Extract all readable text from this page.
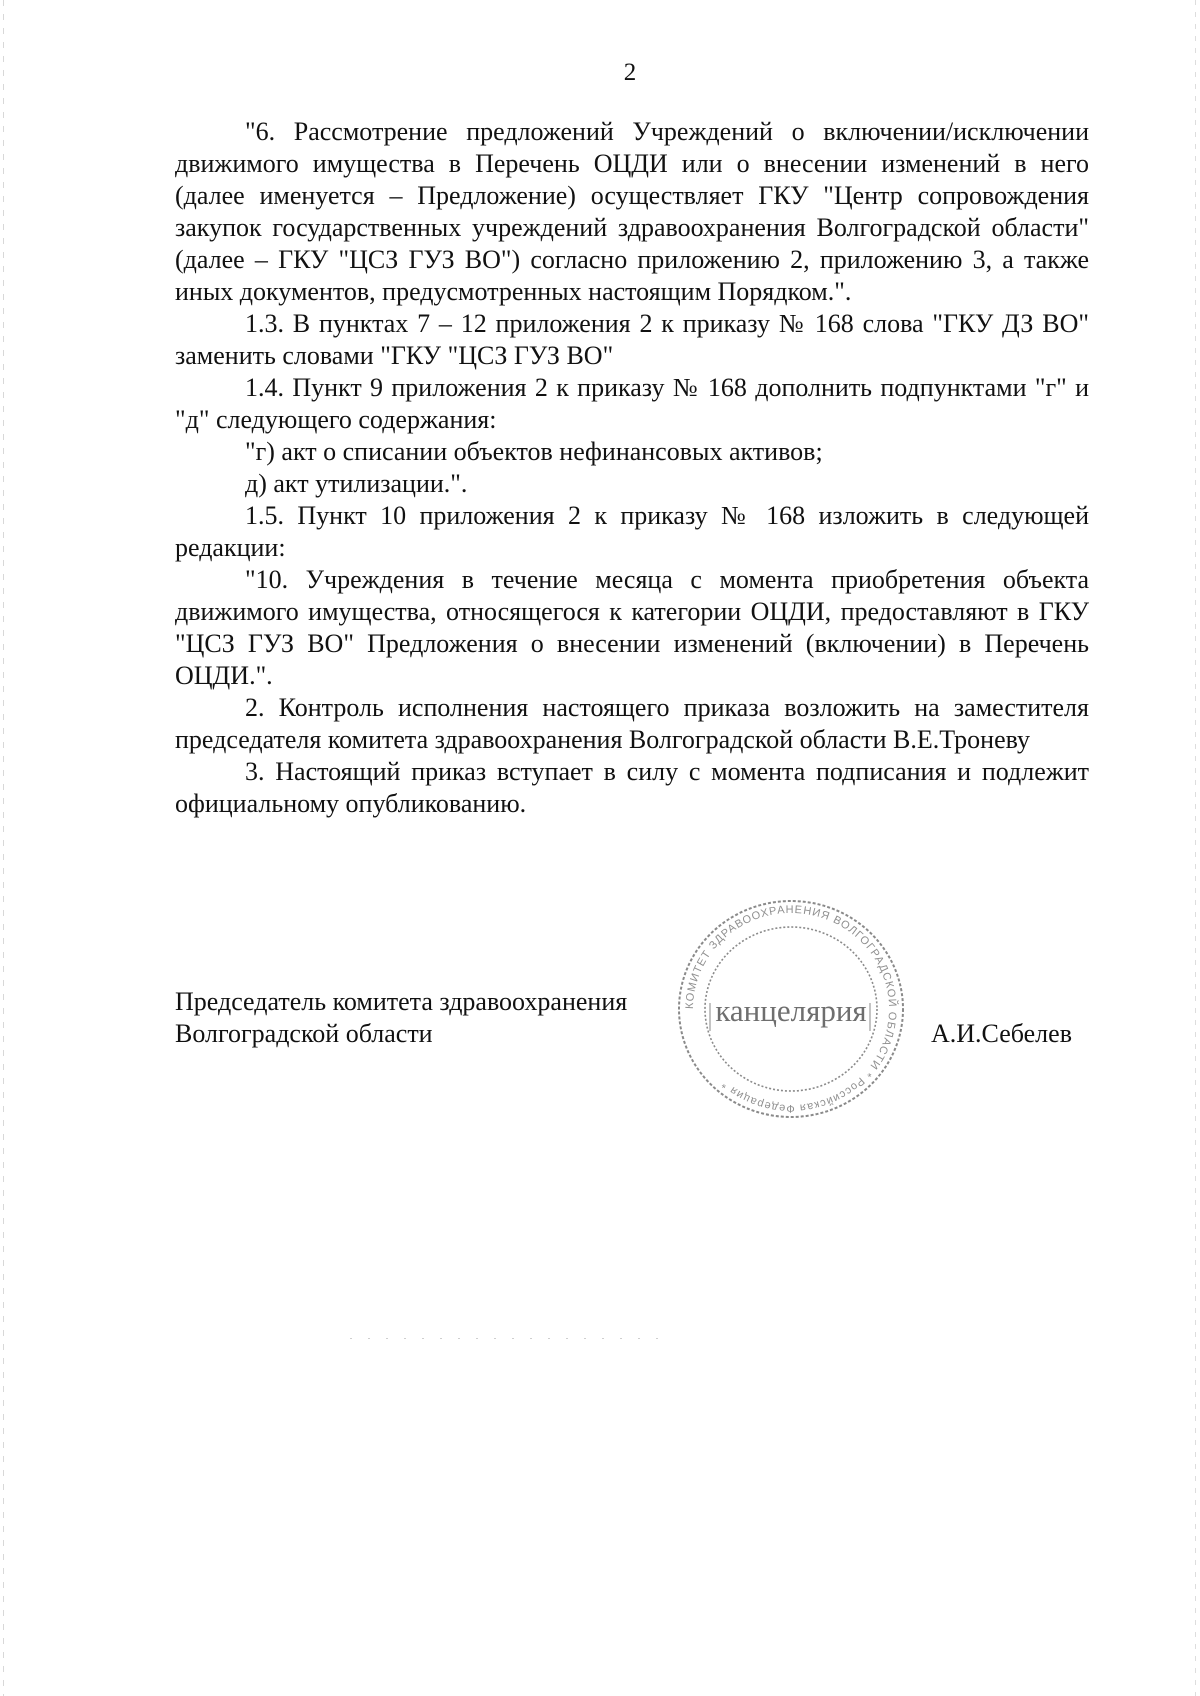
2

"6. Рассмотрение предложений Учреждений о включении/исключении движимого имущества в Перечень ОЦДИ или о внесении изменений в него (далее именуется – Предложение) осуществляет ГКУ "Центр сопровождения закупок государственных учреждений здравоохранения Волгоградской области" (далее – ГКУ "ЦСЗ ГУЗ ВО") согласно приложению 2, приложению 3, а также иных документов, предусмотренных настоящим Порядком.".

1.3. В пунктах 7 – 12 приложения 2 к приказу № 168 слова "ГКУ ДЗ ВО" заменить словами "ГКУ "ЦСЗ ГУЗ ВО"

1.4. Пункт 9 приложения 2 к приказу № 168 дополнить подпунктами "г" и "д" следующего содержания:

"г) акт о списании объектов нефинансовых активов;

д) акт утилизации.".

1.5. Пункт 10 приложения 2 к приказу № 168 изложить в следующей редакции:

"10. Учреждения в течение месяца с момента приобретения объекта движимого имущества, относящегося к категории ОЦДИ, предоставляют в ГКУ "ЦСЗ ГУЗ ВО" Предложения о внесении изменений (включении) в Перечень ОЦДИ.".

2. Контроль исполнения настоящего приказа возложить на заместителя председателя комитета здравоохранения Волгоградской области В.Е.Троневу

3. Настоящий приказ вступает в силу с момента подписания и подлежит официальному опубликованию.

Председатель комитета здравоохранения
Волгоградской области	А.И.Себелев
КОМИТЕТ ЗДРАВООХРАНЕНИЯ ВОЛГОГРАДСКОЙ ОБЛАСТИ * Российская Федерация *
канцелярия
